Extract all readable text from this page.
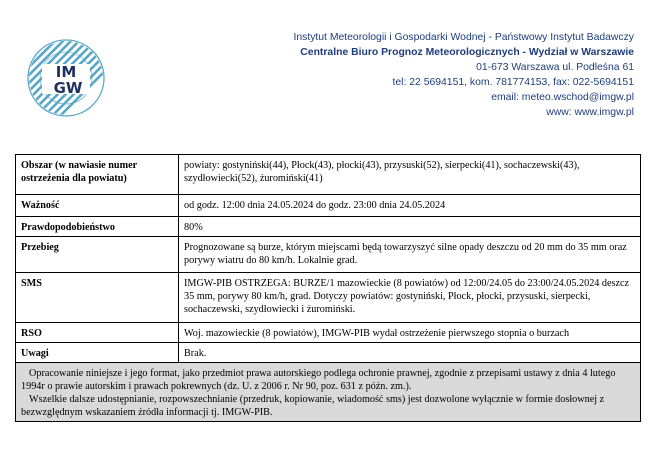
IM
GW
Instytut Meteorologii i Gospodarki Wodnej - Państwowy Instytut Badawczy
Centralne Biuro Prognoz Meteorologicznych - Wydział w Warszawie
01-673 Warszawa ul. Podleśna 61
tel: 22 5694151, kom. 781774153, fax: 022-5694151
email: meteo.wschod@imgw.pl
www: www.imgw.pl
Obszar (w nawiasie numer ostrzeżenia dla powiatu)	powiaty: gostyniński(44), Płock(43), płocki(43), przysuski(52), sierpecki(41), sochaczewski(43), szydłowiecki(52), żuromiński(41)
Ważność	od godz. 12:00 dnia 24.05.2024 do godz. 23:00 dnia 24.05.2024
Prawdopodobieństwo	80%
Przebieg	Prognozowane są burze, którym miejscami będą towarzyszyć silne opady deszczu od 20 mm do 35 mm oraz porywy wiatru do 80 km/h. Lokalnie grad.
SMS	IMGW-PIB OSTRZEGA: BURZE/1 mazowieckie (8 powiatów) od 12:00/24.05 do 23:00/24.05.2024 deszcz 35 mm, porywy 80 km/h, grad. Dotyczy powiatów: gostyniński, Płock, płocki, przysuski, sierpecki, sochaczewski, szydłowiecki i żuromiński.
RSO	Woj. mazowieckie (8 powiatów), IMGW-PIB wydał ostrzeżenie pierwszego stopnia o burzach
Uwagi	Brak.

Opracowanie niniejsze i jego format, jako przedmiot prawa autorskiego podlega ochronie prawnej, zgodnie z przepisami ustawy z dnia 4 lutego 1994r o prawie autorskim i prawach pokrewnych (dz. U. z 2006 r. Nr 90, poz. 631 z późn. zm.).

Wszelkie dalsze udostępnianie, rozpowszechnianie (przedruk, kopiowanie, wiadomość sms) jest dozwolone wyłącznie w formie dosłownej z bezwzględnym wskazaniem źródła informacji tj. IMGW-PIB.	
